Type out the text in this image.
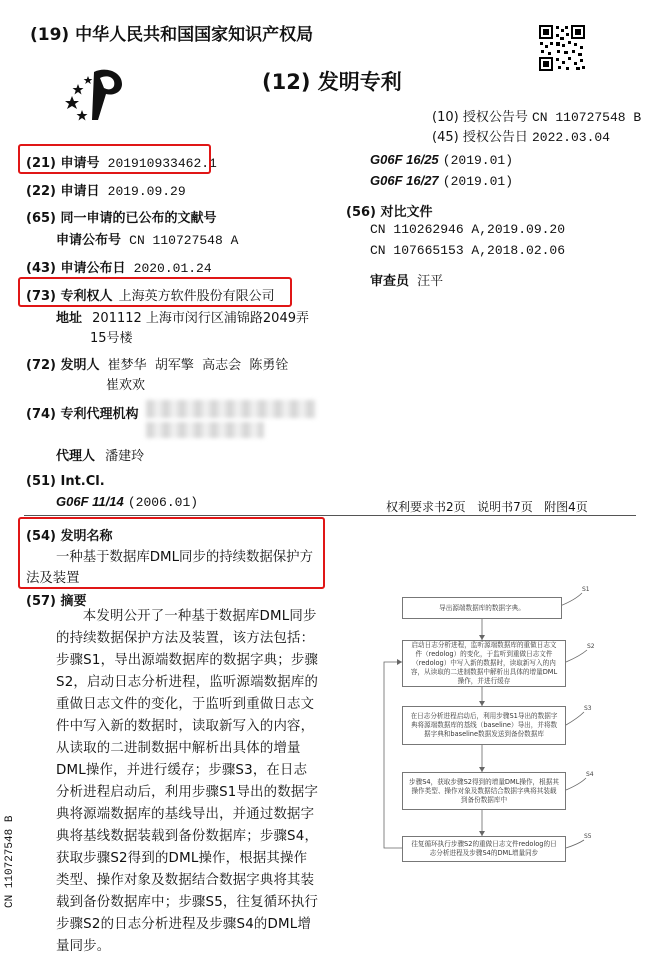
(19) 中华人民共和国国家知识产权局
(12) 发明专利
(10) 授权公告号 CN 110727548 B
(45) 授权公告日 2022.03.04
(21) 申请号 201910933462.1
(22) 申请日 2019.09.29
(65) 同一申请的已公布的文献号
申请公布号 CN 110727548 A
(43) 申请公布日 2020.01.24
(73) 专利权人 上海英方软件股份有限公司
地址 201112 上海市闵行区浦锦路2049弄
15号楼
(72) 发明人 崔梦华  胡军擎  高志会  陈勇铨
崔欢欢
(74) 专利代理机构
代理人 潘建玲
(51) Int.Cl.
G06F 11/14 (2006.01)
G06F 16/25 (2019.01)
G06F 16/27 (2019.01)
(56) 对比文件
CN 110262946 A,2019.09.20
CN 107665153 A,2018.02.06
审查员 汪平
权利要求书2页   说明书7页   附图4页
(54) 发明名称
一种基于数据库DML同步的持续数据保护方
法及装置
(57) 摘要
本发明公开了一种基于数据库DML同步的持续数据保护方法及装置，该方法包括：步骤S1，导出源端数据库的数据字典；步骤S2，启动日志分析进程，监听源端数据库的重做日志文件的变化，于监听到重做日志文件中写入新的数据时，读取新写入的内容，从读取的二进制数据中解析出具体的增量DML操作，并进行缓存；步骤S3，在日志分析进程启动后，利用步骤S1导出的数据字典将源端数据库的基线导出，并通过数据字典将基线数据装载到备份数据库；步骤S4，获取步骤S2得到的DML操作，根据其操作类型、操作对象及数据结合数据字典将其装载到备份数据库中；步骤S5，往复循环执行步骤S2的日志分析进程及步骤S4的DML增量同步。
导出源端数据库的数据字典。
启动日志分析进程，监听源端数据库的重做日志文件（redolog）的变化，于监听到重做日志文件（redolog）中写入新的数据时，读取新写入的内容，从读取的二进制数据中解析出具体的增量DML操作，并进行缓存
在日志分析进程启动后，利用步骤S1导出的数据字典将源端数据库的基线（baseline）导出，并将数据字典和baseline数据发送到备份数据库
步骤S4，获取步骤S2得到的增量DML操作，根据其操作类型、操作对象及数据结合数据字典将其装载到备份数据库中
往复循环执行步骤S2的重做日志文件redolog的日志分析进程及步骤S4的DML增量同步
S1
S2
S3
S4
S5
CN 110727548 B
